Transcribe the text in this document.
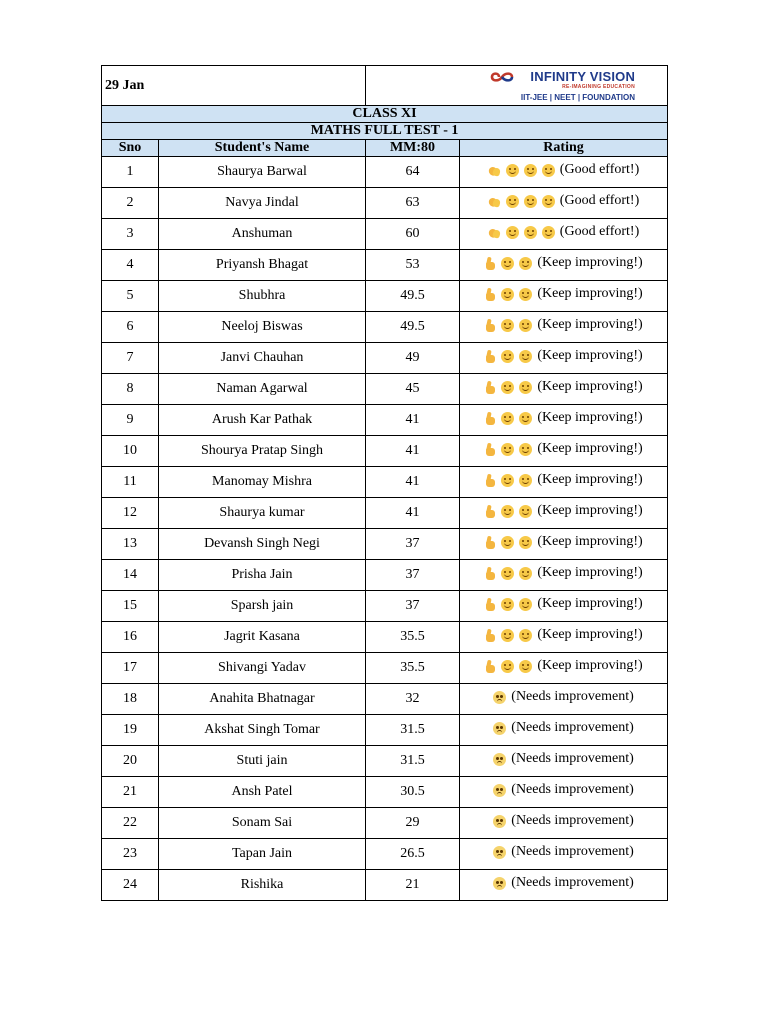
29 Jan		INFINITY VISION
RE-IMAGINING EDUCATION
IIT-JEE | NEET | FOUNDATION	

CLASS XI			
MATHS FULL TEST - 1			
Sno	Student's Name	MM:80	Rating
1	Shaurya Barwal	64	(Good effort!)

2	Navya Jindal	63	(Good effort!)

3	Anshuman	60	(Good effort!)

4	Priyansh Bhagat	53	(Keep improving!)

5	Shubhra	49.5	(Keep improving!)

6	Neeloj Biswas	49.5	(Keep improving!)

7	Janvi Chauhan	49	(Keep improving!)

8	Naman Agarwal	45	(Keep improving!)

9	Arush Kar Pathak	41	(Keep improving!)

10	Shourya Pratap Singh	41	(Keep improving!)

11	Manomay Mishra	41	(Keep improving!)

12	Shaurya kumar	41	(Keep improving!)

13	Devansh Singh Negi	37	(Keep improving!)

14	Prisha Jain	37	(Keep improving!)

15	Sparsh jain	37	(Keep improving!)

16	Jagrit Kasana	35.5	(Keep improving!)

17	Shivangi Yadav	35.5	(Keep improving!)

18	Anahita Bhatnagar	32	(Needs improvement)

19	Akshat Singh Tomar	31.5	(Needs improvement)

20	Stuti jain	31.5	(Needs improvement)

21	Ansh Patel	30.5	(Needs improvement)

22	Sonam Sai	29	(Needs improvement)

23	Tapan Jain	26.5	(Needs improvement)

24	Rishika	21	(Needs improvement)
